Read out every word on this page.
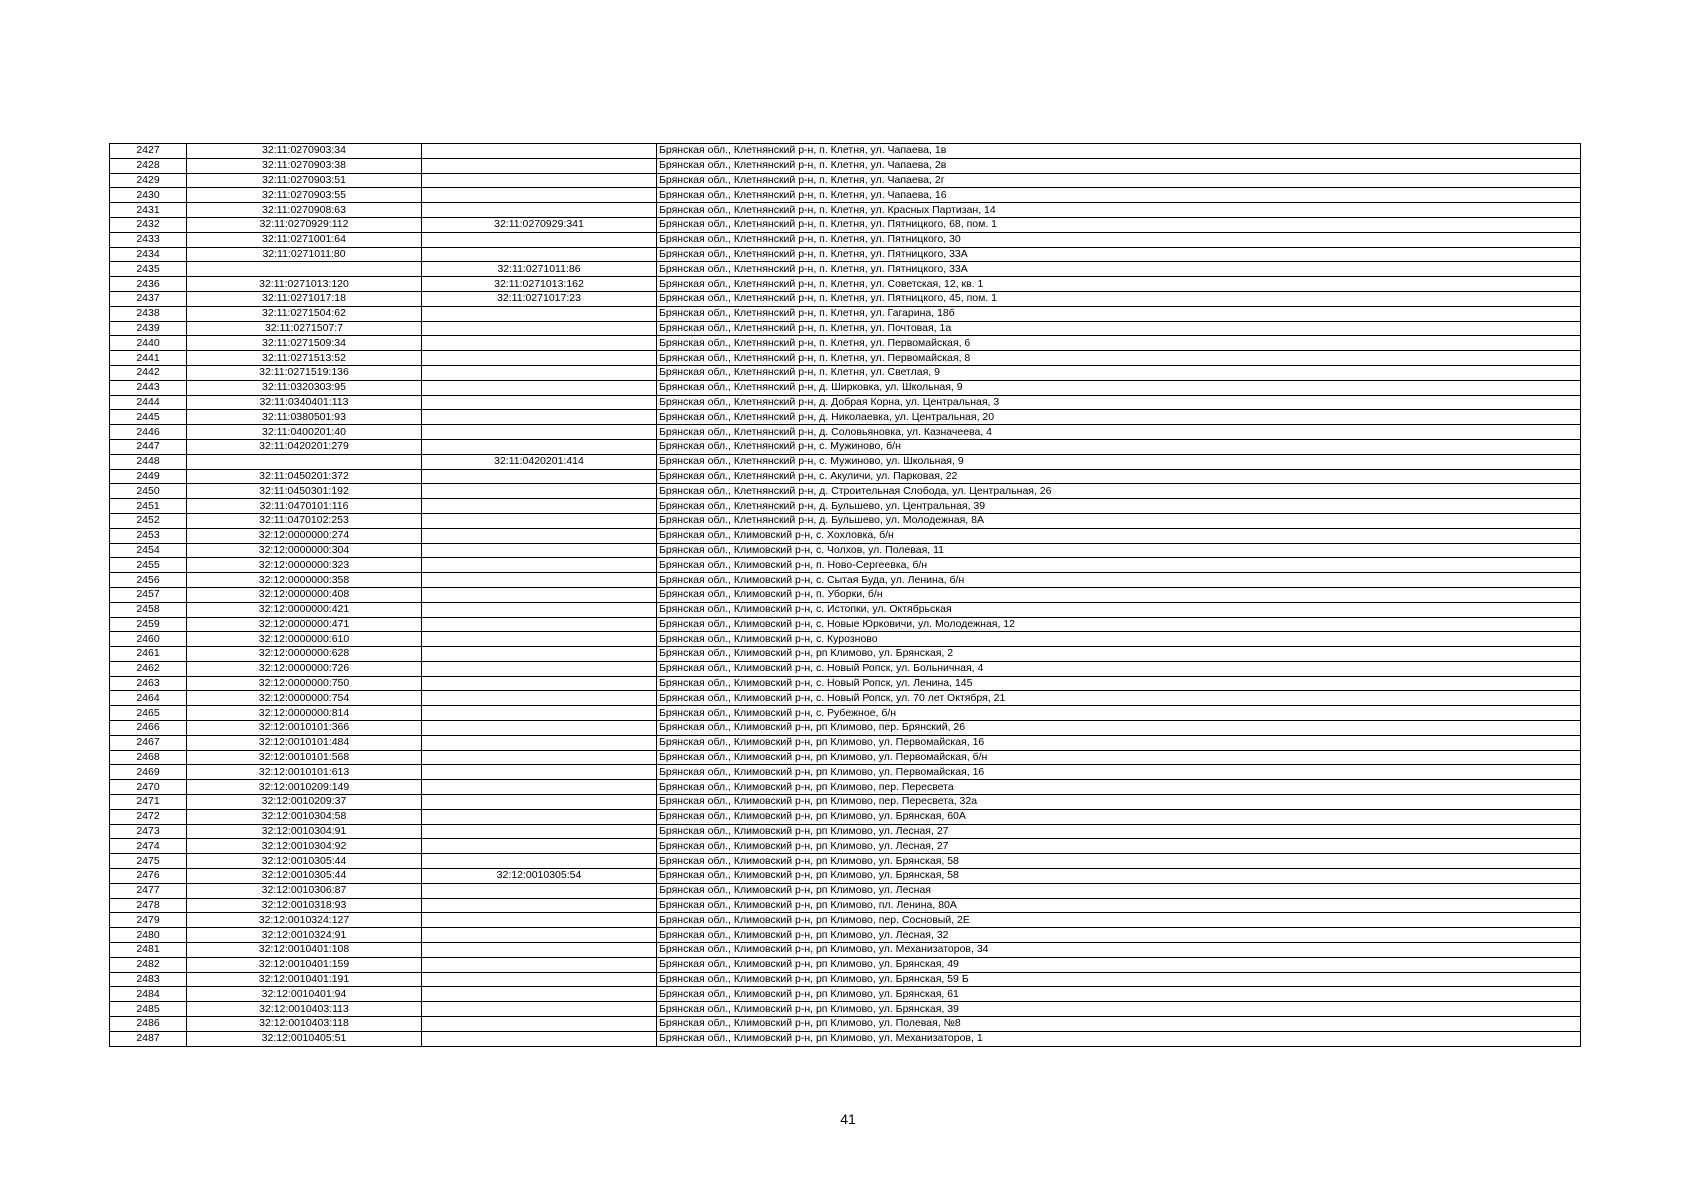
2427	32:11:0270903:34		Брянская обл., Клетнянский р-н, п. Клетня, ул. Чапаева, 1в
2428	32:11:0270903:38		Брянская обл., Клетнянский р-н, п. Клетня, ул. Чапаева, 2в
2429	32:11:0270903:51		Брянская обл., Клетнянский р-н, п. Клетня, ул. Чапаева, 2г
2430	32:11:0270903:55		Брянская обл., Клетнянский р-н, п. Клетня, ул. Чапаева, 16
2431	32:11:0270908:63		Брянская обл., Клетнянский р-н, п. Клетня, ул. Красных Партизан, 14
2432	32:11:0270929:112	32:11:0270929:341	Брянская обл., Клетнянский р-н, п. Клетня, ул. Пятницкого, 68, пом. 1
2433	32:11:0271001:64		Брянская обл., Клетнянский р-н, п. Клетня, ул. Пятницкого, 30
2434	32:11:0271011:80		Брянская обл., Клетнянский р-н, п. Клетня, ул. Пятницкого, 33А
2435		32:11:0271011:86	Брянская обл., Клетнянский р-н, п. Клетня, ул. Пятницкого, 33А
2436	32:11:0271013:120	32:11:0271013:162	Брянская обл., Клетнянский р-н, п. Клетня, ул. Советская, 12, кв. 1
2437	32:11:0271017:18	32:11:0271017:23	Брянская обл., Клетнянский р-н, п. Клетня, ул. Пятницкого, 45, пом. 1
2438	32:11:0271504:62		Брянская обл., Клетнянский р-н, п. Клетня, ул. Гагарина, 18б
2439	32:11:0271507:7		Брянская обл., Клетнянский р-н, п. Клетня, ул. Почтовая, 1а
2440	32:11:0271509:34		Брянская обл., Клетнянский р-н, п. Клетня, ул. Первомайская, 6
2441	32:11:0271513:52		Брянская обл., Клетнянский р-н, п. Клетня, ул. Первомайская, 8
2442	32:11:0271519:136		Брянская обл., Клетнянский р-н, п. Клетня, ул. Светлая, 9
2443	32:11:0320303:95		Брянская обл., Клетнянский р-н, д. Ширковка, ул. Школьная, 9
2444	32:11:0340401:113		Брянская обл., Клетнянский р-н, д. Добрая Корна, ул. Центральная, 3
2445	32:11:0380501:93		Брянская обл., Клетнянский р-н, д. Николаевка, ул. Центральная, 20
2446	32:11:0400201:40		Брянская обл., Клетнянский р-н, д. Соловьяновка, ул. Казначеева, 4
2447	32:11:0420201:279		Брянская обл., Клетнянский р-н, с. Мужиново, б/н
2448		32:11:0420201:414	Брянская обл., Клетнянский р-н, с. Мужиново, ул. Школьная, 9
2449	32:11:0450201:372		Брянская обл., Клетнянский р-н, с. Акуличи, ул. Парковая, 22
2450	32:11:0450301:192		Брянская обл., Клетнянский р-н, д. Строительная Слобода, ул. Центральная, 26
2451	32:11:0470101:116		Брянская обл., Клетнянский р-н, д. Бульшево, ул. Центральная, 39
2452	32:11:0470102:253		Брянская обл., Клетнянский р-н, д. Бульшево, ул. Молодежная, 8А
2453	32:12:0000000:274		Брянская обл., Климовский р-н, с. Хохловка, б/н
2454	32:12:0000000:304		Брянская обл., Климовский р-н, с. Чолхов, ул. Полевая, 11
2455	32:12:0000000:323		Брянская обл., Климовский р-н, п. Ново-Сергеевка, б/н
2456	32:12:0000000:358		Брянская обл., Климовский р-н, с. Сытая Буда, ул. Ленина, б/н
2457	32:12:0000000:408		Брянская обл., Климовский р-н, п. Уборки, б/н
2458	32:12:0000000:421		Брянская обл., Климовский р-н, с. Истопки, ул. Октябрьская
2459	32:12:0000000:471		Брянская обл., Климовский р-н, с. Новые Юрковичи, ул. Молодежная, 12
2460	32:12:0000000:610		Брянская обл., Климовский р-н, с. Курозново
2461	32:12:0000000:628		Брянская обл., Климовский р-н, рп Климово, ул. Брянская, 2
2462	32:12:0000000:726		Брянская обл., Климовский р-н, с. Новый Ропск, ул. Больничная, 4
2463	32:12:0000000:750		Брянская обл., Климовский р-н, с. Новый Ропск, ул. Ленина, 145
2464	32:12:0000000:754		Брянская обл., Климовский р-н, с. Новый Ропск, ул. 70 лет Октября, 21
2465	32:12:0000000:814		Брянская обл., Климовский р-н, с. Рубежное, б/н
2466	32:12:0010101:366		Брянская обл., Климовский р-н, рп Климово, пер. Брянский, 26
2467	32:12:0010101:484		Брянская обл., Климовский р-н, рп Климово, ул. Первомайская, 16
2468	32:12:0010101:568		Брянская обл., Климовский р-н, рп Климово, ул. Первомайская, б/н
2469	32:12:0010101:613		Брянская обл., Климовский р-н, рп Климово, ул. Первомайская, 16
2470	32:12:0010209:149		Брянская обл., Климовский р-н, рп Климово, пер. Пересвета
2471	32:12:0010209:37		Брянская обл., Климовский р-н, рп Климово, пер. Пересвета, 32а
2472	32:12:0010304:58		Брянская обл., Климовский р-н, рп Климово, ул. Брянская, 60А
2473	32:12:0010304:91		Брянская обл., Климовский р-н, рп Климово, ул. Лесная, 27
2474	32:12:0010304:92		Брянская обл., Климовский р-н, рп Климово, ул. Лесная, 27
2475	32:12:0010305:44		Брянская обл., Климовский р-н, рп Климово, ул. Брянская, 58
2476	32:12:0010305:44	32:12:0010305:54	Брянская обл., Климовский р-н, рп Климово, ул. Брянская, 58
2477	32:12:0010306:87		Брянская обл., Климовский р-н, рп Климово, ул. Лесная
2478	32:12:0010318:93		Брянская обл., Климовский р-н, рп Климово, пл. Ленина, 80А
2479	32:12:0010324:127		Брянская обл., Климовский р-н, рп Климово, пер. Сосновый, 2Е
2480	32:12:0010324:91		Брянская обл., Климовский р-н, рп Климово, ул. Лесная, 32
2481	32:12:0010401:108		Брянская обл., Климовский р-н, рп Климово, ул. Механизаторов, 34
2482	32:12:0010401:159		Брянская обл., Климовский р-н, рп Климово, ул. Брянская, 49
2483	32:12:0010401:191		Брянская обл., Климовский р-н, рп Климово, ул. Брянская, 59 Б
2484	32:12:0010401:94		Брянская обл., Климовский р-н, рп Климово, ул. Брянская, 61
2485	32:12:0010403:113		Брянская обл., Климовский р-н, рп Климово, ул. Брянская, 39
2486	32:12:0010403:118		Брянская обл., Климовский р-н, рп Климово, ул. Полевая, №8
2487	32:12:0010405:51		Брянская обл., Климовский р-н, рп Климово, ул. Механизаторов, 1
41
